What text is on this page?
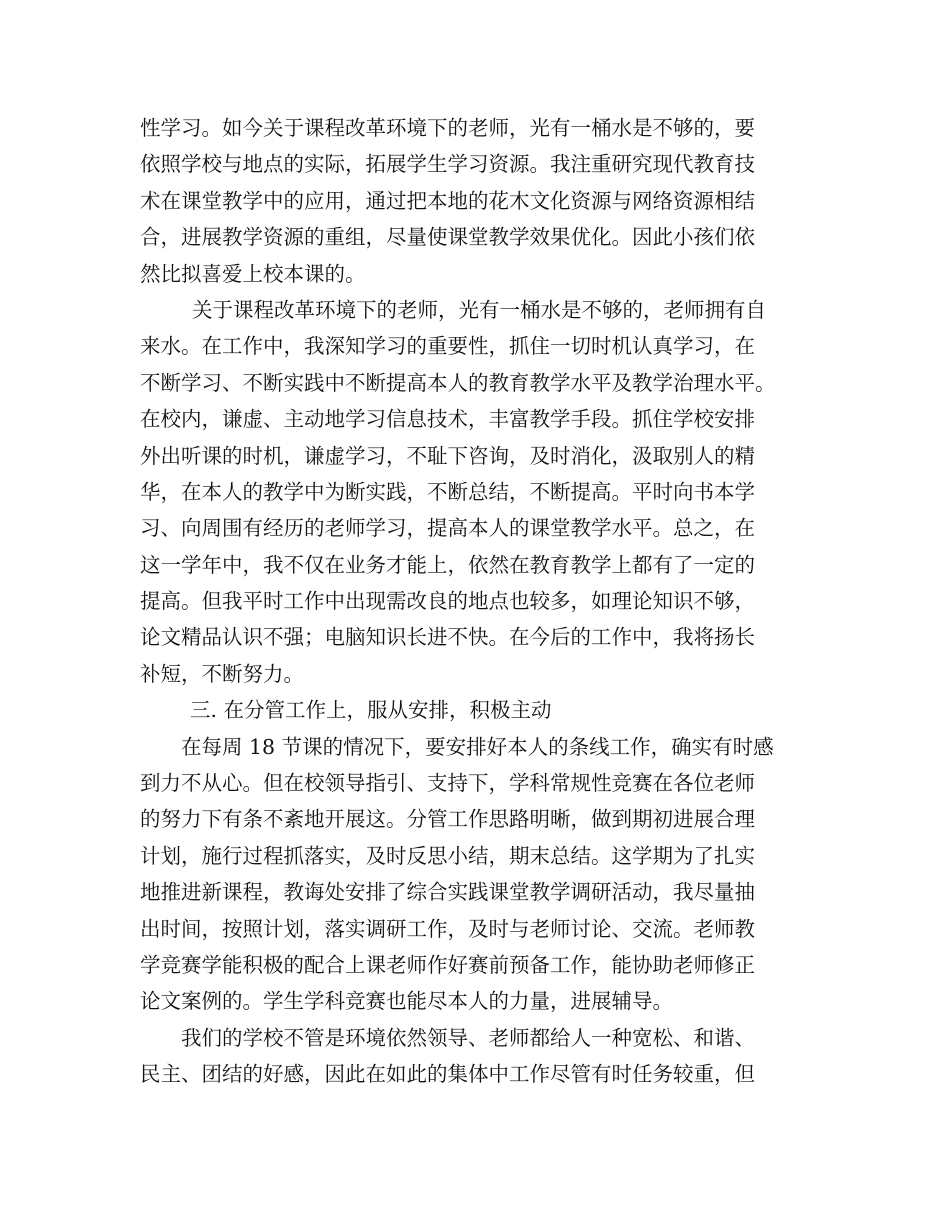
性学习。如今关于课程改革环境下的老师，光有一桶水是不够的，要
依照学校与地点的实际，拓展学生学习资源。我注重研究现代教育技
术在课堂教学中的应用，通过把本地的花木文化资源与网络资源相结
合，进展教学资源的重组，尽量使课堂教学效果优化。因此小孩们依
然比拟喜爱上校本课的。
关于课程改革环境下的老师，光有一桶水是不够的，老师拥有自
来水。在工作中，我深知学习的重要性，抓住一切时机认真学习，在
不断学习、不断实践中不断提高本人的教育教学水平及教学治理水平。
在校内，谦虚、主动地学习信息技术，丰富教学手段。抓住学校安排
外出听课的时机，谦虚学习，不耻下咨询，及时消化，汲取别人的精
华，在本人的教学中为断实践，不断总结，不断提高。平时向书本学
习、向周围有经历的老师学习，提高本人的课堂教学水平。总之，在
这一学年中，我不仅在业务才能上，依然在教育教学上都有了一定的
提高。但我平时工作中出现需改良的地点也较多，如理论知识不够，
论文精品认识不强；电脑知识长进不快。在今后的工作中，我将扬长
补短，不断努力。
三. 在分管工作上，服从安排，积极主动
在每周 18 节课的情况下，要安排好本人的条线工作，确实有时感
到力不从心。但在校领导指引、支持下，学科常规性竞赛在各位老师
的努力下有条不紊地开展这。分管工作思路明晰，做到期初进展合理
计划，施行过程抓落实，及时反思小结，期末总结。这学期为了扎实
地推进新课程，教诲处安排了综合实践课堂教学调研活动，我尽量抽
出时间，按照计划，落实调研工作，及时与老师讨论、交流。老师教
学竞赛学能积极的配合上课老师作好赛前预备工作，能协助老师修正
论文案例的。学生学科竞赛也能尽本人的力量，进展辅导。
我们的学校不管是环境依然领导、老师都给人一种宽松、和谐、
民主、团结的好感，因此在如此的集体中工作尽管有时任务较重，但
